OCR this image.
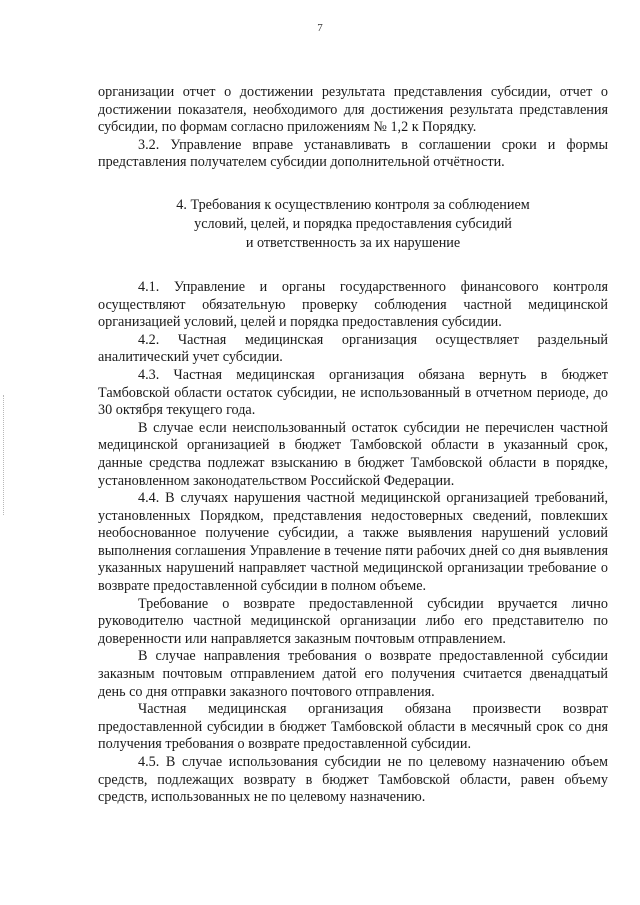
7

организации отчет о достижении результата представления субсидии, отчет о достижении показателя, необходимого для достижения результата представления субсидии, по формам согласно приложениям № 1,2 к Порядку.

3.2. Управление вправе устанавливать в соглашении сроки и формы представления получателем субсидии дополнительной отчётности.

4. Требования к осуществлению контроля за соблюдением
условий, целей, и порядка предоставления субсидий
и ответственность за их нарушение

4.1. Управление и органы государственного финансового контроля осуществляют обязательную проверку соблюдения частной медицинской организацией условий, целей и порядка предоставления субсидии.

4.2. Частная медицинская организация осуществляет раздельный аналитический учет субсидии.

4.3. Частная медицинская организация обязана вернуть в бюджет Тамбовской области остаток субсидии, не использованный в отчетном периоде, до 30 октября текущего года.

В случае если неиспользованный остаток субсидии не перечислен частной медицинской организацией в бюджет Тамбовской области в указанный срок, данные средства подлежат взысканию в бюджет Тамбовской области в порядке, установленном законодательством Российской Федерации.

4.4. В случаях нарушения частной медицинской организацией требований, установленных Порядком, представления недостоверных сведений, повлекших необоснованное получение субсидии, а также выявления нарушений условий выполнения соглашения Управление в течение пяти рабочих дней со дня выявления указанных нарушений направляет частной медицинской организации требование о возврате предоставленной субсидии в полном объеме.

Требование о возврате предоставленной субсидии вручается лично руководителю частной медицинской организации либо его представителю по доверенности или направляется заказным почтовым отправлением.

В случае направления требования о возврате предоставленной субсидии заказным почтовым отправлением датой его получения считается двенадцатый день со дня отправки заказного почтового отправления.

Частная медицинская организация обязана произвести возврат предоставленной субсидии в бюджет Тамбовской области в месячный срок со дня получения требования о возврате предоставленной субсидии.

4.5. В случае использования субсидии не по целевому назначению объем средств, подлежащих возврату в бюджет Тамбовской области, равен объему средств, использованных не по целевому назначению.
